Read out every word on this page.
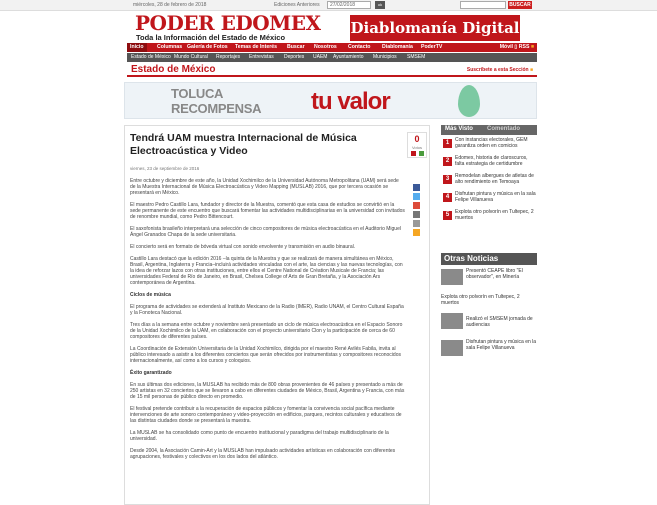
miércoles, 28 de febrero de 2018	Ediciones Anteriores	27/02/2018	ok	BUSCAR
PODER EDOMEX
Toda la Información del Estado de México
Diablomanía Digital
Inicio	Columnas Galería de Fotos Temas de Interés Buscar Nosotros Contacto Diablomanía PoderTV	Móvil ▯ RSS ■
Estado de México Mundo Cultural Reportajes Entrevistas Deportes UAEM Ayuntamiento Municipios SMSEM
Estado de México	Suscríbete a esta Sección ■
TOLUCA
RECOMPENSA tu valor
Tendrá UAM muestra Internacional de Música Electroacústica y Video
viernes, 23 de septiembre de 2016
0
Votos

Entre octubre y diciembre de este año, la Unidad Xochimilco de la Universidad Autónoma Metropolitana (UAM) será sede de la Muestra Internacional de Música Electroacústica y Video Mapping (MUSLAB) 2016, que por tercera ocasión se presentará en México.

El maestro Pedro Castillo Lara, fundador y director de la Muestra, comentó que esta casa de estudios se convirtió en la sede permanente de este encuentro que buscará fomentar las actividades multidisciplinarias en la universidad con invitados de renombre mundial, como Pedro Bittencourt.

El saxofonista brasileño interpretará una selección de cinco compositores de música electroacústica en el Auditorio Miguel Ángel Granados Chapa de la sede universitaria.

El concierto será en formato de bóveda virtual con sonido envolvente y transmisión en audio binaural.

Castillo Lara destacó que la edición 2016 –la quinta de la Muestra y que se realizará de manera simultánea en México, Brasil, Argentina, Inglaterra y Francia–incluirá actividades vinculadas con el arte, las ciencias y las nuevas tecnologías, con la idea de reforzar lazos con otras instituciones, entre ellos el Centre National de Création Musicale de Francia; las universidades Federal de Río de Janeiro, en Brasil, Chelsea College of Arts de Gran Bretaña, y la Asociación Ars contemporánea de Argentina.

Ciclos de música

El programa de actividades se extenderá al Instituto Mexicano de la Radio (IMER), Radio UNAM, el Centro Cultural España y la Fonoteca Nacional.

Tres días a la semana entre octubre y noviembre será presentado un ciclo de música electroacústica en el Espacio Sonoro de la Unidad Xochimilco de la UAM, en colaboración con el proyecto universitario Clon y la participación de cerca de 60 compositores de diferentes países.

La Coordinación de Extensión Universitaria de la Unidad Xochimilco, dirigida por el maestro René Avilés Fabila, invita al público interesado a asistir a los diferentes conciertos que serán ofrecidos por instrumentistas y compositores reconocidos internacionalmente, así como a los cursos y coloquios.

Éxito garantizado

En sus últimas dos ediciones, la MUSLAB ha recibido más de 800 obras provenientes de 46 países y presentado a más de 250 artistas en 32 conciertos que se llevaron a cabo en diferentes ciudades de México, Brasil, Argentina y Francia, con más de 15 mil personas de público directo en promedio.

El festival pretende contribuir a la recuperación de espacios públicos y fomentar la convivencia social pacífica mediante intervenciones de arte sonoro contemporáneo y video-proyección en edificios, parques, recintos culturales y educativos de las distintas ciudades donde se presentará la muestra.

La MUSLAB se ha consolidado como punto de encuentro institucional y paradigma del trabajo multidisciplinario de la universidad.

Desde 2004, la Asociación Camin-Art y la MUSLAB han impulsado actividades artísticas en colaboración con diferentes agrupaciones, festivales y colectivos en los dos lados del atlántico.

Más Visto Comentado
1	Con instancias electorales, GEM garantiza orden en comicios
2	Edomex, historia de claroscuros, falta estrategia de certidumbre
3	Remodelan albergues de atletas de alto rendimiento en Temoaya
4	Disfrutan pintura y música en la sala Felipe Villanueva
5	Explota otro polvorín en Tultepec, 2 muertos
Otras Noticias
Presentó CEAPE libro "El observador", en Minería
Explota otro polvorín en Tultepec, 2 muertos
Realizó el SMSEM jornada de audiencias
Disfrutan pintura y música en la sala Felipe Villanueva
